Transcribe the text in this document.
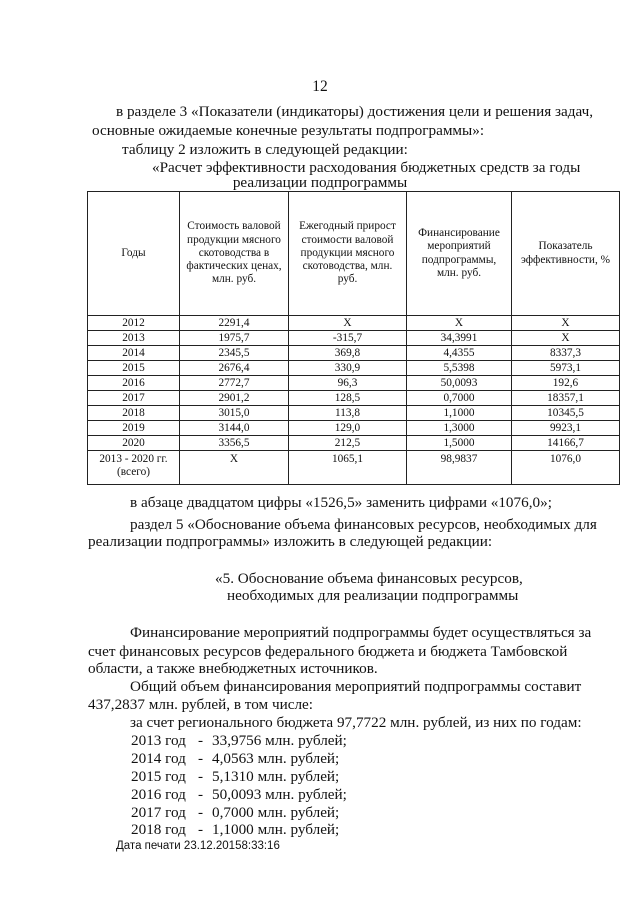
12
в разделе 3 «Показатели (индикаторы) достижения цели и решения задач,
основные ожидаемые конечные результаты подпрограммы»:
таблицу 2 изложить в следующей редакции:
«Расчет эффективности расходования бюджетных средств за годы
реализации подпрограммы
Годы	Стоимость валовой продукции мясного скотоводства в фактических ценах, млн. руб.	Ежегодный прирост стоимости валовой продукции мясного скотоводства, млн. руб.	Финансирование мероприятий подпрограммы, млн. руб.	Показатель эффективности, %
2012	2291,4	X	X	X
2013	1975,7	-315,7	34,3991	X
2014	2345,5	369,8	4,4355	8337,3
2015	2676,4	330,9	5,5398	5973,1
2016	2772,7	96,3	50,0093	192,6
2017	2901,2	128,5	0,7000	18357,1
2018	3015,0	113,8	1,1000	10345,5
2019	3144,0	129,0	1,3000	9923,1
2020	3356,5	212,5	1,5000	14166,7

2013 - 2020 гг.
(всего)	X	1065,1	98,9837	1076,0
в абзаце двадцатом цифры «1526,5» заменить цифрами «1076,0»;
раздел 5 «Обоснование объема финансовых ресурсов, необходимых для
реализации подпрограммы» изложить в следующей редакции:
«5. Обоснование объема финансовых ресурсов,
необходимых для реализации подпрограммы
Финансирование мероприятий подпрограммы будет осуществляться за
счет финансовых ресурсов федерального бюджета и бюджета Тамбовской
области, а также внебюджетных источников.
Общий объем финансирования мероприятий подпрограммы составит
437,2837 млн. рублей, в том числе:
за счет регионального бюджета 97,7722 млн. рублей, из них по годам:
2013 год - 33,9756 млн. рублей;
2014 год - 4,0563 млн. рублей;
2015 год - 5,1310 млн. рублей;
2016 год - 50,0093 млн. рублей;
2017 год - 0,7000 млн. рублей;
2018 год - 1,1000 млн. рублей;
Дата печати 23.12.20158:33:16
